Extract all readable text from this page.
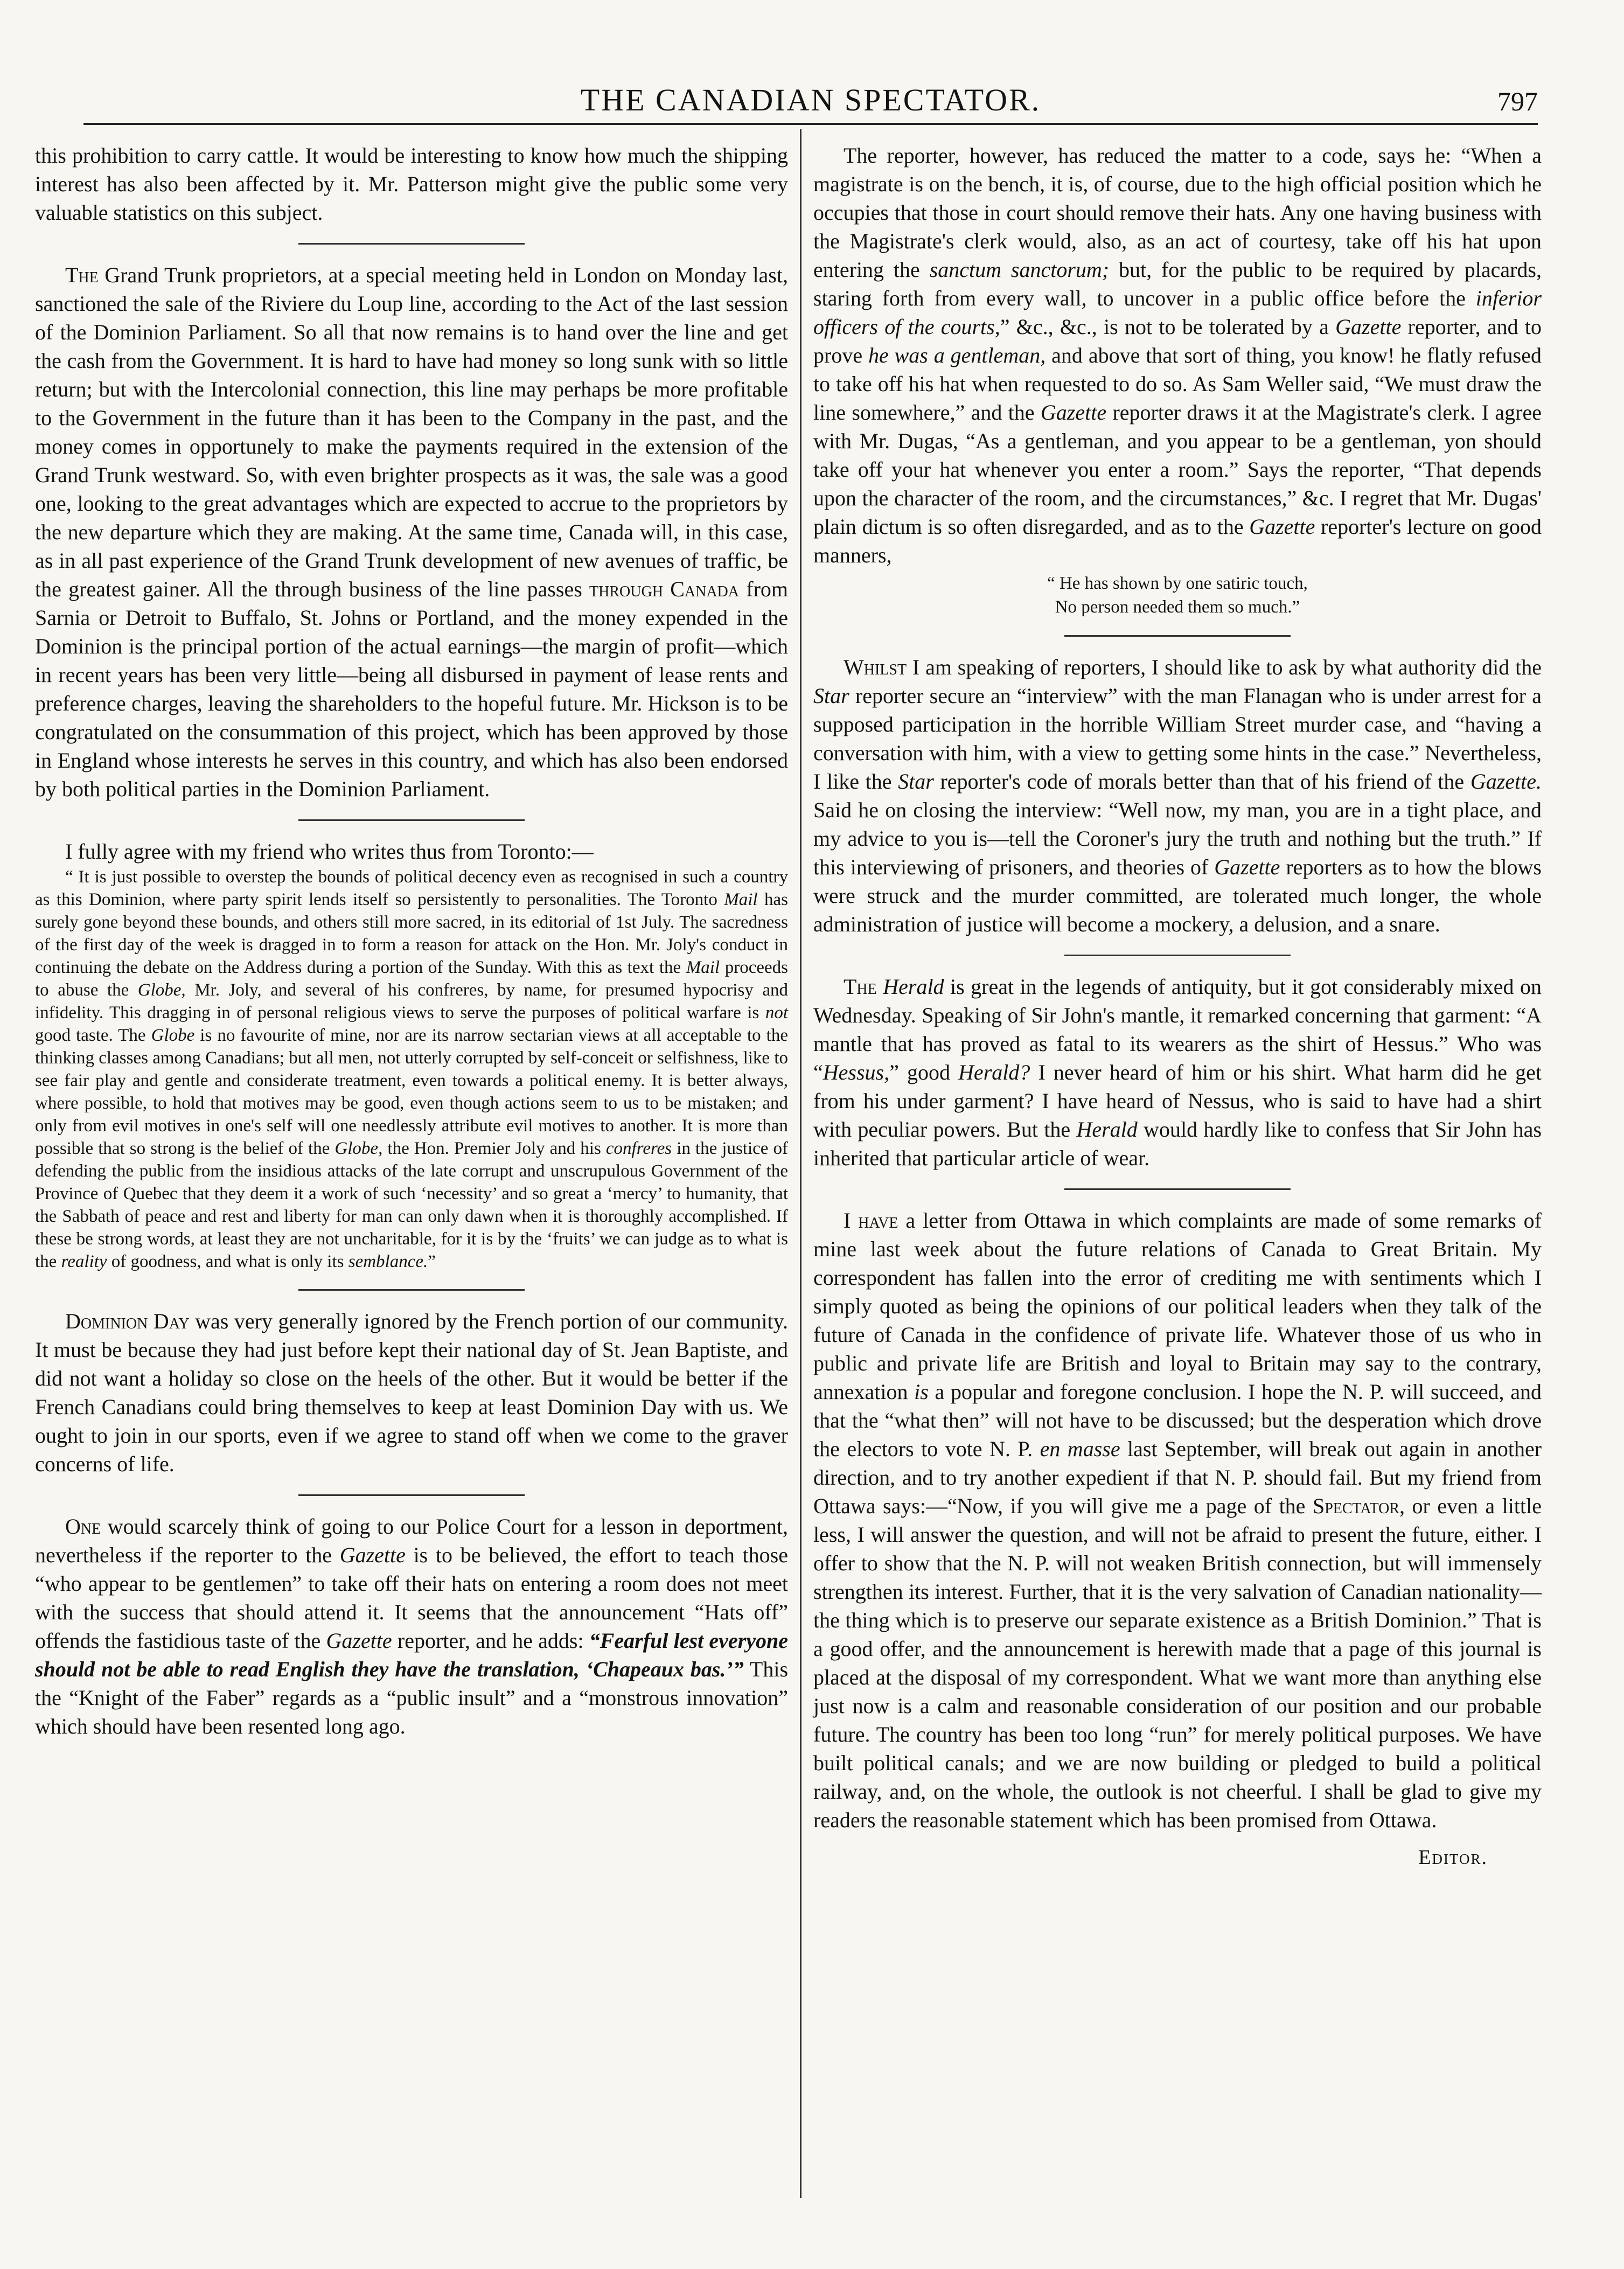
THE CANADIAN SPECTATOR.	797

this prohibition to carry cattle. It would be interesting to know how much the shipping interest has also been affected by it. Mr. Patterson might give the public some very valuable statistics on this subject.

The Grand Trunk proprietors, at a special meeting held in London on Monday last, sanctioned the sale of the Riviere du Loup line, according to the Act of the last session of the Dominion Parliament. So all that now remains is to hand over the line and get the cash from the Government. It is hard to have had money so long sunk with so little return; but with the Intercolonial connection, this line may perhaps be more profitable to the Government in the future than it has been to the Company in the past, and the money comes in opportunely to make the payments required in the extension of the Grand Trunk westward. So, with even brighter prospects as it was, the sale was a good one, looking to the great advantages which are expected to accrue to the proprietors by the new departure which they are making. At the same time, Canada will, in this case, as in all past experience of the Grand Trunk development of new avenues of traffic, be the greatest gainer. All the through business of the line passes through Canada from Sarnia or Detroit to Buffalo, St. Johns or Portland, and the money expended in the Dominion is the principal portion of the actual earnings—the margin of profit—which in recent years has been very little—being all disbursed in payment of lease rents and preference charges, leaving the shareholders to the hopeful future. Mr. Hickson is to be congratulated on the consummation of this project, which has been approved by those in England whose interests he serves in this country, and which has also been endorsed by both political parties in the Dominion Parliament.

I fully agree with my friend who writes thus from Toronto:—

“ It is just possible to overstep the bounds of political decency even as recognised in such a country as this Dominion, where party spirit lends itself so persistently to personalities. The Toronto Mail has surely gone beyond these bounds, and others still more sacred, in its editorial of 1st July. The sacredness of the first day of the week is dragged in to form a reason for attack on the Hon. Mr. Joly's conduct in continuing the debate on the Address during a portion of the Sunday. With this as text the Mail proceeds to abuse the Globe, Mr. Joly, and several of his confreres, by name, for presumed hypocrisy and infidelity. This dragging in of personal religious views to serve the purposes of political warfare is not good taste. The Globe is no favourite of mine, nor are its narrow sectarian views at all acceptable to the thinking classes among Canadians; but all men, not utterly corrupted by self-conceit or selfishness, like to see fair play and gentle and considerate treatment, even towards a political enemy. It is better always, where possible, to hold that motives may be good, even though actions seem to us to be mistaken; and only from evil motives in one's self will one needlessly attribute evil motives to another. It is more than possible that so strong is the belief of the Globe, the Hon. Premier Joly and his confreres in the justice of defending the public from the insidious attacks of the late corrupt and unscrupulous Government of the Province of Quebec that they deem it a work of such ‘necessity’ and so great a ‘mercy’ to humanity, that the Sabbath of peace and rest and liberty for man can only dawn when it is thoroughly accomplished. If these be strong words, at least they are not uncharitable, for it is by the ‘fruits’ we can judge as to what is the reality of goodness, and what is only its semblance.”

Dominion Day was very generally ignored by the French portion of our community. It must be because they had just before kept their national day of St. Jean Baptiste, and did not want a holiday so close on the heels of the other. But it would be better if the French Canadians could bring themselves to keep at least Dominion Day with us. We ought to join in our sports, even if we agree to stand off when we come to the graver concerns of life.

One would scarcely think of going to our Police Court for a lesson in deportment, nevertheless if the reporter to the Gazette is to be believed, the effort to teach those “who appear to be gentlemen” to take off their hats on entering a room does not meet with the success that should attend it. It seems that the announcement “Hats off” offends the fastidious taste of the Gazette reporter, and he adds: “Fearful lest everyone should not be able to read English they have the translation, ‘Chapeaux bas.’” This the “Knight of the Faber” regards as a “public insult” and a “monstrous innovation” which should have been resented long ago.

The reporter, however, has reduced the matter to a code, says he: “When a magistrate is on the bench, it is, of course, due to the high official position which he occupies that those in court should remove their hats. Any one having business with the Magistrate's clerk would, also, as an act of courtesy, take off his hat upon entering the sanctum sanctorum; but, for the public to be required by placards, staring forth from every wall, to uncover in a public office before the inferior officers of the courts,” &c., &c., is not to be tolerated by a Gazette reporter, and to prove he was a gentleman, and above that sort of thing, you know! he flatly refused to take off his hat when requested to do so. As Sam Weller said, “We must draw the line somewhere,” and the Gazette reporter draws it at the Magistrate's clerk. I agree with Mr. Dugas, “As a gentleman, and you appear to be a gentleman, yon should take off your hat whenever you enter a room.” Says the reporter, “That depends upon the character of the room, and the circumstances,” &c. I regret that Mr. Dugas' plain dictum is so often disregarded, and as to the Gazette reporter's lecture on good manners,

“ He has shown by one satiric touch,

No person needed them so much.”

Whilst I am speaking of reporters, I should like to ask by what authority did the Star reporter secure an “interview” with the man Flanagan who is under arrest for a supposed participation in the horrible William Street murder case, and “having a conversation with him, with a view to getting some hints in the case.” Nevertheless, I like the Star reporter's code of morals better than that of his friend of the Gazette. Said he on closing the interview: “Well now, my man, you are in a tight place, and my advice to you is—tell the Coroner's jury the truth and nothing but the truth.” If this interviewing of prisoners, and theories of Gazette reporters as to how the blows were struck and the murder committed, are tolerated much longer, the whole administration of justice will become a mockery, a delusion, and a snare.

The Herald is great in the legends of antiquity, but it got considerably mixed on Wednesday. Speaking of Sir John's mantle, it remarked concerning that garment: “A mantle that has proved as fatal to its wearers as the shirt of Hessus.” Who was “Hessus,” good Herald? I never heard of him or his shirt. What harm did he get from his under garment? I have heard of Nessus, who is said to have had a shirt with peculiar powers. But the Herald would hardly like to confess that Sir John has inherited that particular article of wear.

I have a letter from Ottawa in which complaints are made of some remarks of mine last week about the future relations of Canada to Great Britain. My correspondent has fallen into the error of crediting me with sentiments which I simply quoted as being the opinions of our political leaders when they talk of the future of Canada in the confidence of private life. Whatever those of us who in public and private life are British and loyal to Britain may say to the contrary, annexation is a popular and foregone conclusion. I hope the N. P. will succeed, and that the “what then” will not have to be discussed; but the desperation which drove the electors to vote N. P. en masse last September, will break out again in another direction, and to try another expedient if that N. P. should fail. But my friend from Ottawa says:—“Now, if you will give me a page of the Spectator, or even a little less, I will answer the question, and will not be afraid to present the future, either. I offer to show that the N. P. will not weaken British connection, but will immensely strengthen its interest. Further, that it is the very salvation of Canadian nationality—the thing which is to preserve our separate existence as a British Dominion.” That is a good offer, and the announcement is herewith made that a page of this journal is placed at the disposal of my correspondent. What we want more than anything else just now is a calm and reasonable consideration of our position and our probable future. The country has been too long “run” for merely political purposes. We have built political canals; and we are now building or pledged to build a political railway, and, on the whole, the outlook is not cheerful. I shall be glad to give my readers the reasonable statement which has been promised from Ottawa.

Editor.
